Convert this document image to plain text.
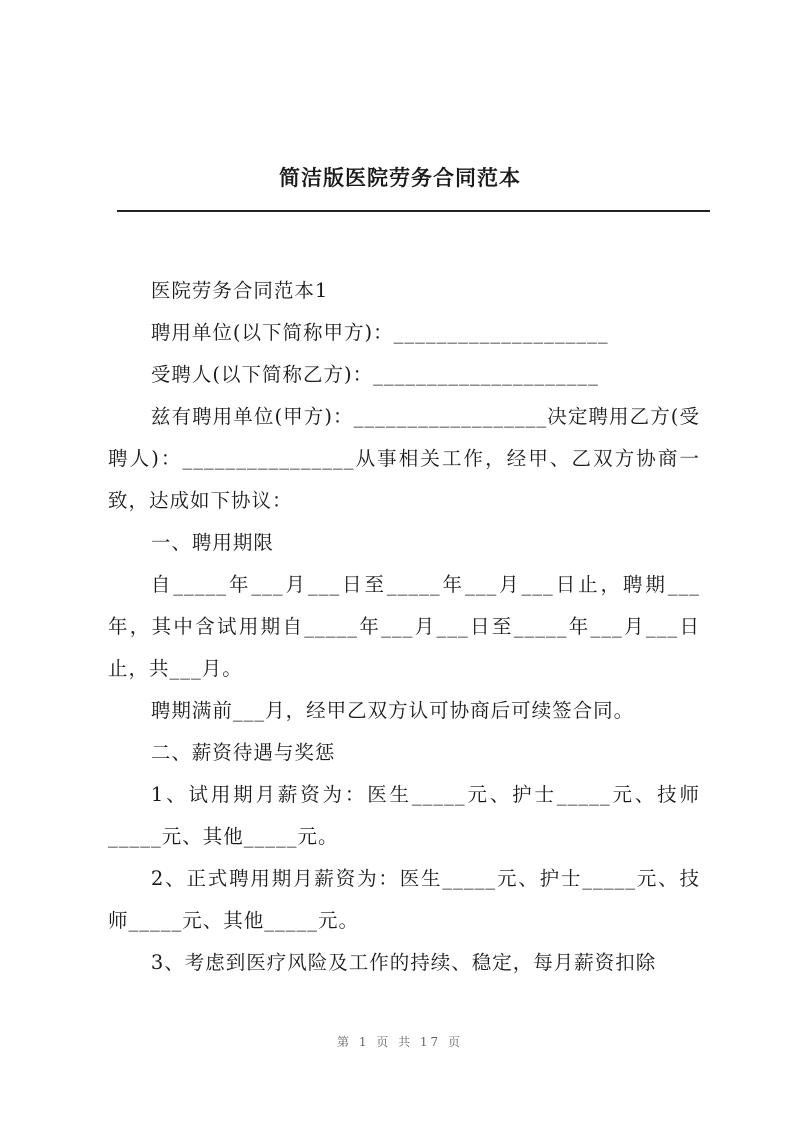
简洁版医院劳务合同范本

医院劳务合同范本1

聘用单位(以下简称甲方)：____________________

受聘人(以下简称乙方)：_____________________

兹有聘用单位(甲方)：__________________决定聘用乙方(受聘人)：________________从事相关工作，经甲、乙双方协商一致，达成如下协议：

一、聘用期限

自_____年___月___日至_____年___月___日止，聘期___年，其中含试用期自_____年___月___日至_____年___月___日止，共___月。

聘期满前___月，经甲乙双方认可协商后可续签合同。

二、薪资待遇与奖惩

1、试用期月薪资为：医生_____元、护士_____元、技师_____元、其他_____元。

2、正式聘用期月薪资为：医生_____元、护士_____元、技师_____元、其他_____元。

3、考虑到医疗风险及工作的持续、稳定，每月薪资扣除

第 1 页 共 17 页
